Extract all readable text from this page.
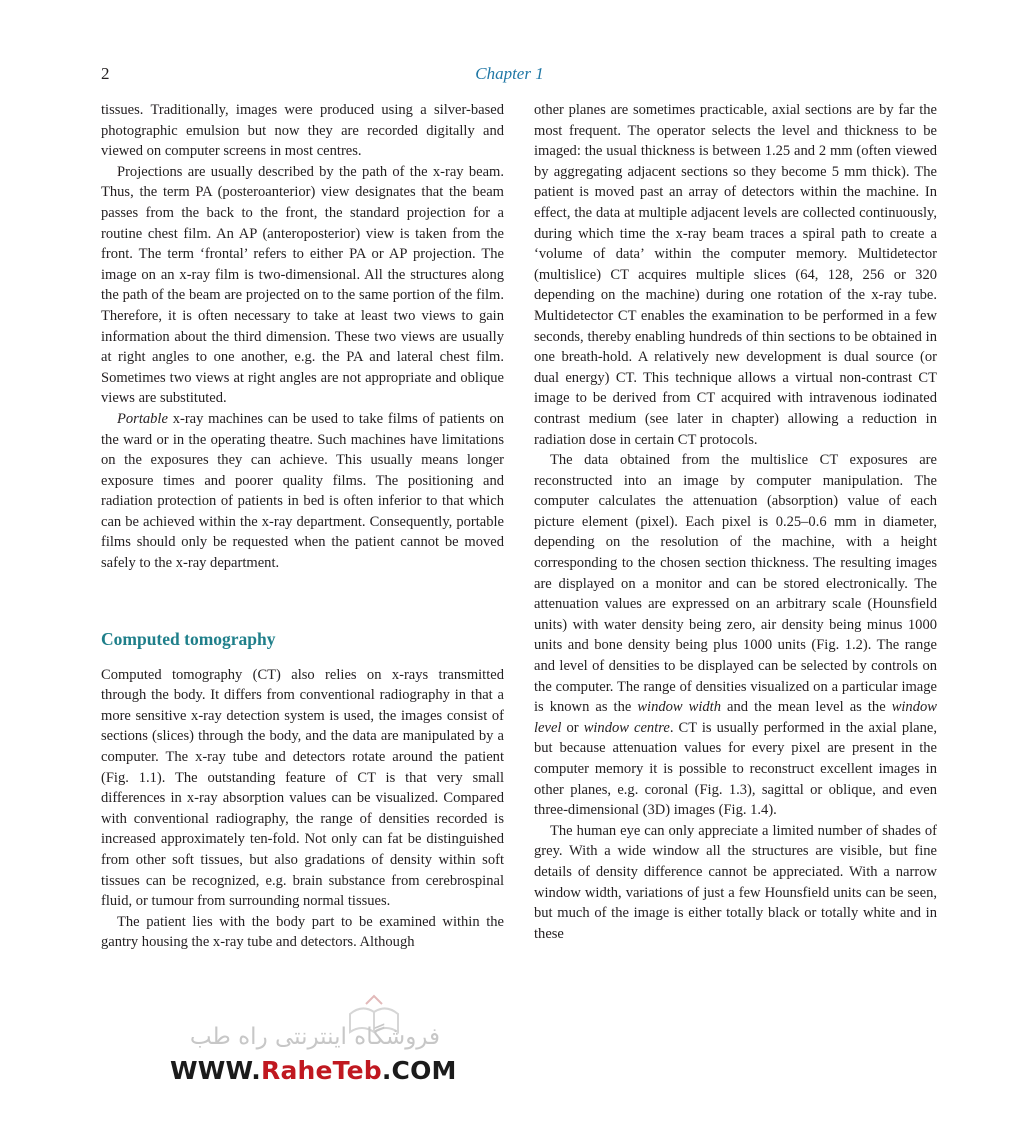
2	Chapter 1

tissues. Traditionally, images were produced using a silver-based photographic emulsion but now they are recorded digitally and viewed on computer screens in most centres.

Projections are usually described by the path of the x-ray beam. Thus, the term PA (posteroanterior) view designates that the beam passes from the back to the front, the standard projection for a routine chest film. An AP (anteroposterior) view is taken from the front. The term ‘frontal’ refers to either PA or AP projection. The image on an x-ray film is two-dimensional. All the structures along the path of the beam are projected on to the same portion of the film. Therefore, it is often necessary to take at least two views to gain information about the third dimension. These two views are usually at right angles to one another, e.g. the PA and lateral chest film. Sometimes two views at right angles are not appropriate and oblique views are substituted.

Portable x-ray machines can be used to take films of patients on the ward or in the operating theatre. Such machines have limitations on the exposures they can achieve. This usually means longer exposure times and poorer quality films. The positioning and radiation protection of patients in bed is often inferior to that which can be achieved within the x-ray department. Consequently, portable films should only be requested when the patient cannot be moved safely to the x-ray department.

Computed tomography

Computed tomography (CT) also relies on x-rays transmitted through the body. It differs from conventional radiography in that a more sensitive x-ray detection system is used, the images consist of sections (slices) through the body, and the data are manipulated by a computer. The x-ray tube and detectors rotate around the patient (Fig. 1.1). The outstanding feature of CT is that very small differences in x-ray absorption values can be visualized. Compared with conventional radiography, the range of densities recorded is increased approximately ten-fold. Not only can fat be distinguished from other soft tissues, but also gradations of density within soft tissues can be recognized, e.g. brain substance from cerebrospinal fluid, or tumour from surrounding normal tissues.

The patient lies with the body part to be examined within the gantry housing the x-ray tube and detectors. Although

other planes are sometimes practicable, axial sections are by far the most frequent. The operator selects the level and thickness to be imaged: the usual thickness is between 1.25 and 2 mm (often viewed by aggregating adjacent sections so they become 5 mm thick). The patient is moved past an array of detectors within the machine. In effect, the data at multiple adjacent levels are collected continuously, during which time the x-ray beam traces a spiral path to create a ‘volume of data’ within the computer memory. Multidetector (multislice) CT acquires multiple slices (64, 128, 256 or 320 depending on the machine) during one rotation of the x-ray tube. Multidetector CT enables the examination to be performed in a few seconds, thereby enabling hundreds of thin sections to be obtained in one breath-hold. A relatively new development is dual source (or dual energy) CT. This technique allows a virtual non-contrast CT image to be derived from CT acquired with intravenous iodinated contrast medium (see later in chapter) allowing a reduction in radiation dose in certain CT protocols.

The data obtained from the multislice CT exposures are reconstructed into an image by computer manipulation. The computer calculates the attenuation (absorption) value of each picture element (pixel). Each pixel is 0.25–0.6 mm in diameter, depending on the resolution of the machine, with a height corresponding to the chosen section thickness. The resulting images are displayed on a monitor and can be stored electronically. The attenuation values are expressed on an arbitrary scale (Hounsfield units) with water density being zero, air density being minus 1000 units and bone density being plus 1000 units (Fig. 1.2). The range and level of densities to be displayed can be selected by controls on the computer. The range of densities visualized on a particular image is known as the window width and the mean level as the window level or window centre. CT is usually performed in the axial plane, but because attenuation values for every pixel are present in the computer memory it is possible to reconstruct excellent images in other planes, e.g. coronal (Fig. 1.3), sagittal or oblique, and even three-dimensional (3D) images (Fig. 1.4).

The human eye can only appreciate a limited number of shades of grey. With a wide window all the structures are visible, but fine details of density difference cannot be appreciated. With a narrow window width, variations of just a few Hounsfield units can be seen, but much of the image is either totally black or totally white and in these

فروشگاه اینترنتی راه طب
WWW.RaheTeb.COM
